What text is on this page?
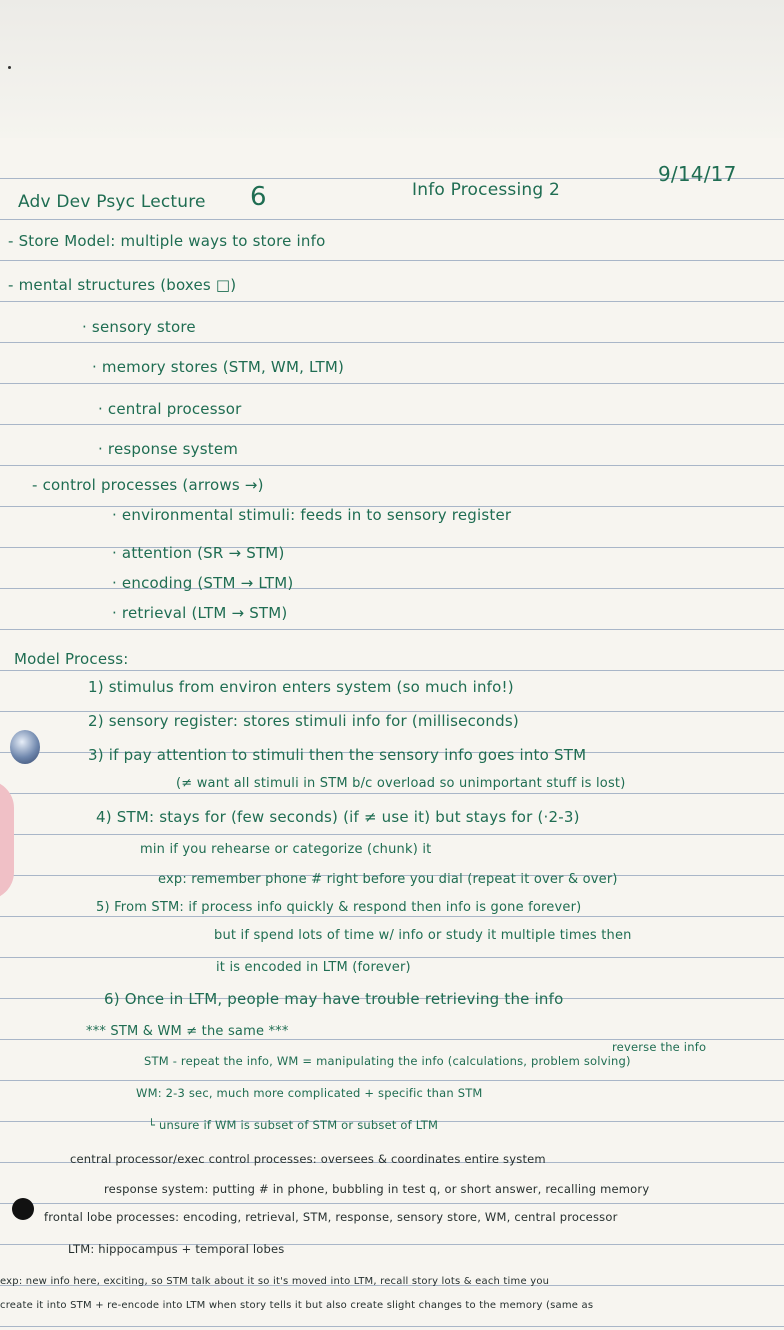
Adv Dev Psyc Lecture 6	Info Processing 2
9/14/17
- Store Model: multiple ways to store info
- mental structures (boxes □)
· sensory store
· memory stores (STM, WM, LTM)
· central processor
· response system
- control processes (arrows →)
· environmental stimuli: feeds in to sensory register
· attention (SR → STM)
· encoding (STM → LTM)
· retrieval (LTM → STM)
Model Process:
1) stimulus from environ enters system (so much info!)
2) sensory register: stores stimuli info for (milliseconds)
3) if pay attention to stimuli then the sensory info goes into STM
(≠ want all stimuli in STM b/c overload so unimportant stuff is lost)
4) STM: stays for (few seconds) (if ≠ use it) but stays for (·2-3)
min if you rehearse or categorize (chunk) it
exp: remember phone # right before you dial (repeat it over & over)
5) From STM: if process info quickly & respond then info is gone forever)
but if spend lots of time w/ info or study it multiple times then
it is encoded in LTM (forever)
6) Once in LTM, people may have trouble retrieving the info
*** STM & WM ≠ the same ***
reverse the info
STM - repeat the info, WM = manipulating the info (calculations, problem solving)
WM: 2-3 sec, much more complicated + specific than STM
└ unsure if WM is subset of STM or subset of LTM
central processor/exec control processes: oversees & coordinates entire system
response system: putting # in phone, bubbling in test q, or short answer, recalling memory
frontal lobe processes: encoding, retrieval, STM, response, sensory store, WM, central processor
LTM: hippocampus + temporal lobes
exp: new info here, exciting, so STM talk about it so it's moved into LTM, recall story lots & each time you
create it into STM + re-encode into LTM when story tells it but also create slight changes to the memory (same as
